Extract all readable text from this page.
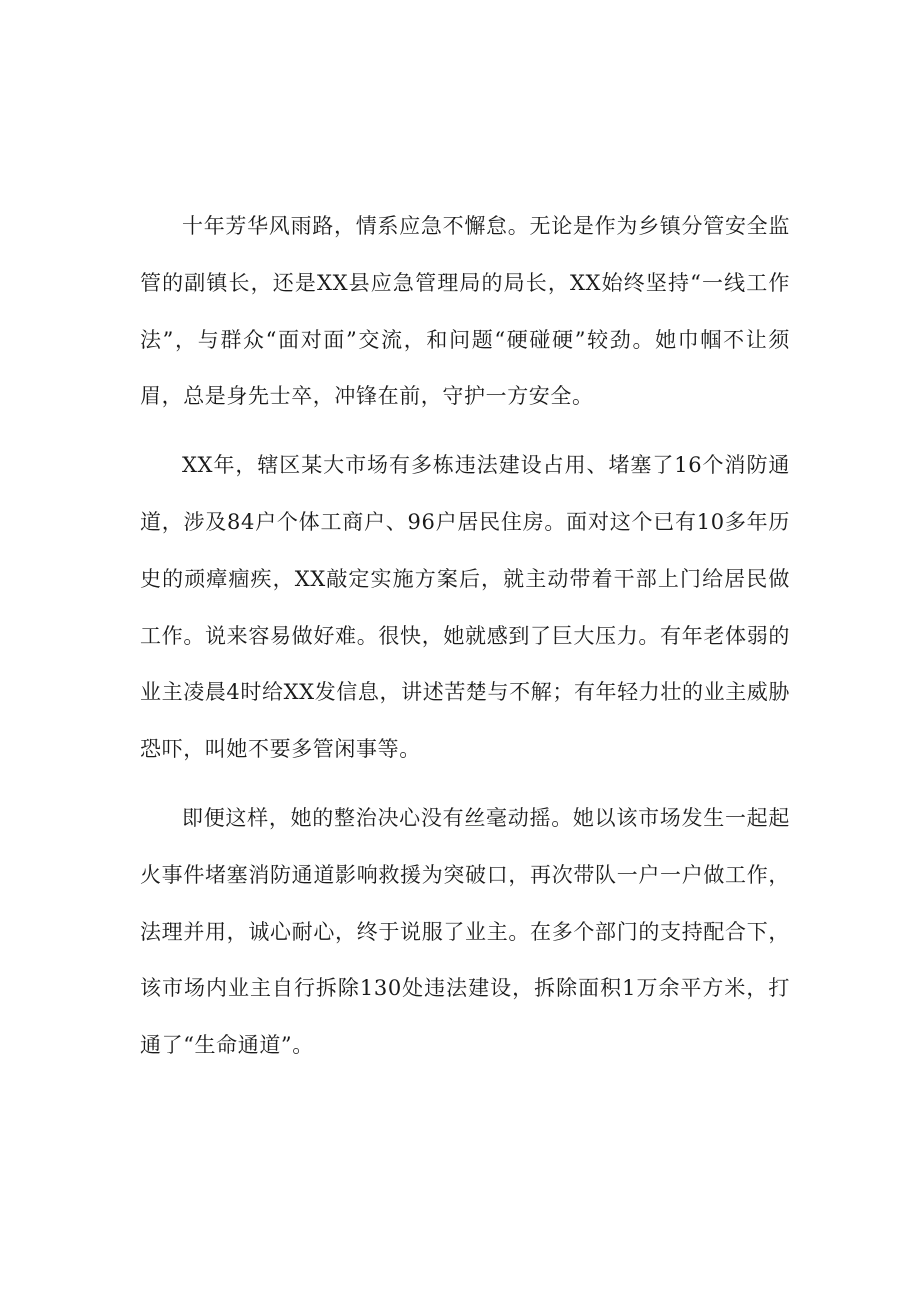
十年芳华风雨路，情系应急不懈怠。无论是作为乡镇分管安全监管的副镇长，还是XX县应急管理局的局长，XX始终坚持“一线工作法”，与群众“面对面”交流，和问题“硬碰硬”较劲。她巾帼不让须眉，总是身先士卒，冲锋在前，守护一方安全。

XX年，辖区某大市场有多栋违法建设占用、堵塞了16个消防通道，涉及84户个体工商户、96户居民住房。面对这个已有10多年历史的顽瘴痼疾，XX敲定实施方案后，就主动带着干部上门给居民做工作。说来容易做好难。很快，她就感到了巨大压力。有年老体弱的业主凌晨4时给XX发信息，讲述苦楚与不解；有年轻力壮的业主威胁恐吓，叫她不要多管闲事等。

即便这样，她的整治决心没有丝毫动摇。她以该市场发生一起起火事件堵塞消防通道影响救援为突破口，再次带队一户一户做工作，法理并用，诚心耐心，终于说服了业主。在多个部门的支持配合下，该市场内业主自行拆除130处违法建设，拆除面积1万余平方米，打通了“生命通道”。
